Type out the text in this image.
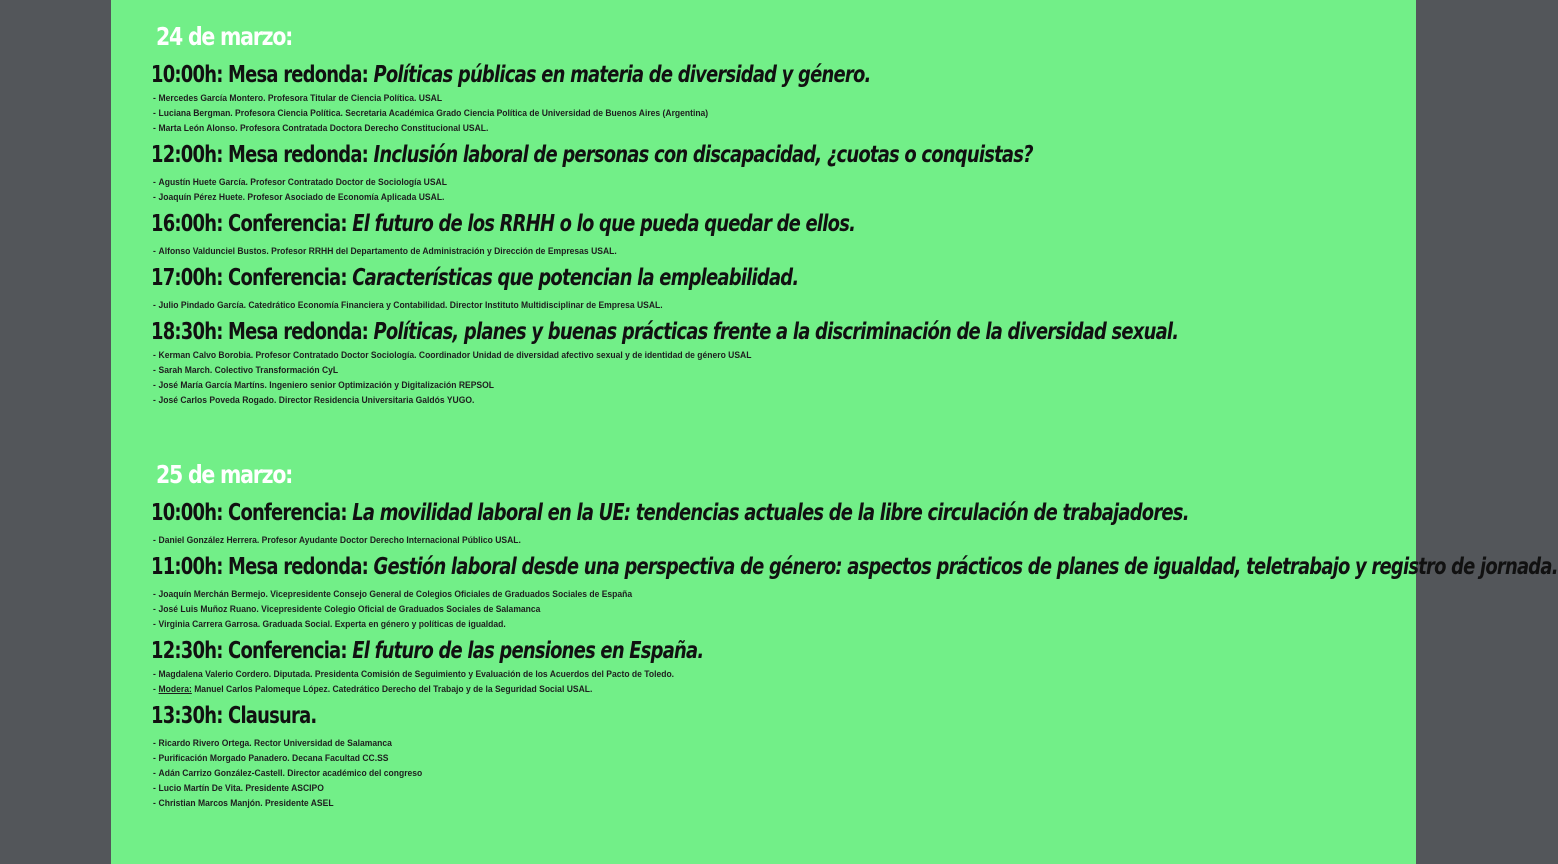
24 de marzo:
10:00h: Mesa redonda: Políticas públicas en materia de diversidad y género.
- Mercedes García Montero. Profesora Titular de Ciencia Política. USAL
- Luciana Bergman. Profesora Ciencia Política. Secretaria Académica Grado Ciencia Política de Universidad de Buenos Aires (Argentina)
- Marta León Alonso. Profesora Contratada Doctora Derecho Constitucional USAL.
12:00h: Mesa redonda: Inclusión laboral de personas con discapacidad, ¿cuotas o conquistas?
- Agustín Huete García. Profesor Contratado Doctor de Sociología USAL
- Joaquín Pérez Huete. Profesor Asociado de Economía Aplicada USAL.
16:00h: Conferencia: El futuro de los RRHH o lo que pueda quedar de ellos.
- Alfonso Valdunciel Bustos. Profesor RRHH del Departamento de Administración y Dirección de Empresas USAL.
17:00h: Conferencia: Características que potencian la empleabilidad.
- Julio Pindado García. Catedrático Economía Financiera y Contabilidad. Director Instituto Multidisciplinar de Empresa USAL.
18:30h: Mesa redonda: Políticas, planes y buenas prácticas frente a la discriminación de la diversidad sexual.
- Kerman Calvo Borobia. Profesor Contratado Doctor Sociología. Coordinador Unidad de diversidad afectivo sexual y de identidad de género USAL
- Sarah March. Colectivo Transformación CyL
- José María García Martíns. Ingeniero senior Optimización y Digitalización REPSOL
- José Carlos Poveda Rogado. Director Residencia Universitaria Galdós YUGO.
25 de marzo:
10:00h: Conferencia: La movilidad laboral en la UE: tendencias actuales de la libre circulación de trabajadores.
- Daniel González Herrera. Profesor Ayudante Doctor Derecho Internacional Público USAL.
11:00h: Mesa redonda: Gestión laboral desde una perspectiva de género: aspectos prácticos de planes de igualdad, teletrabajo y registro de jornada.
- Joaquín Merchán Bermejo. Vicepresidente Consejo General de Colegios Oficiales de Graduados Sociales de España
- José Luis Muñoz Ruano. Vicepresidente Colegio Oficial de Graduados Sociales de Salamanca
- Virginia Carrera Garrosa. Graduada Social. Experta en género y políticas de igualdad.
12:30h: Conferencia: El futuro de las pensiones en España.
- Magdalena Valerio Cordero. Diputada. Presidenta Comisión de Seguimiento y Evaluación de los Acuerdos del Pacto de Toledo.
- Modera: Manuel Carlos Palomeque López. Catedrático Derecho del Trabajo y de la Seguridad Social USAL.
13:30h: Clausura.
- Ricardo Rivero Ortega. Rector Universidad de Salamanca
- Purificación Morgado Panadero. Decana Facultad CC.SS
- Adán Carrizo González-Castell. Director académico del congreso
- Lucio Martín De Vita. Presidente ASCIPO
- Christian Marcos Manjón. Presidente ASEL
